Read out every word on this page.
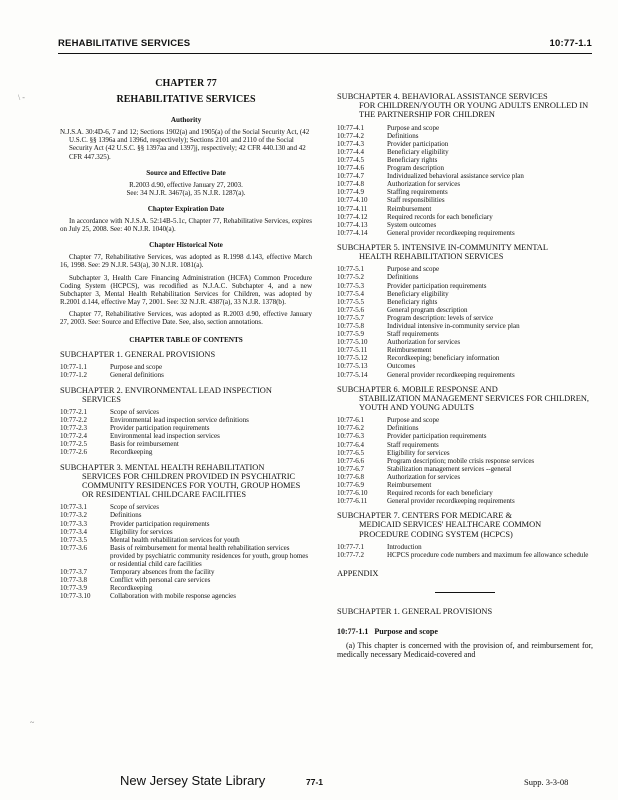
REHABILITATIVE SERVICES	10:77-1.1
\ -
~

CHAPTER 77

REHABILITATIVE SERVICES

Authority

N.J.S.A. 30:4D-6, 7 and 12; Sections 1902(a) and 1905(a) of the Social Security Act, (42 U.S.C. §§ 1396a and 1396d, respectively); Sections 2101 and 2110 of the Social Security Act (42 U.S.C. §§ 1397aa and 1397jj, respectively; 42 CFR 440.130 and 42 CFR 447.325).

Source and Effective Date

R.2003 d.90, effective January 27, 2003.

See: 34 N.J.R. 3467(a), 35 N.J.R. 1287(a).

Chapter Expiration Date

In accordance with N.J.S.A. 52:14B-5.1c, Chapter 77, Rehabilitative Services, expires on July 25, 2008. See: 40 N.J.R. 1040(a).

Chapter Historical Note

Chapter 77, Rehabilitative Services, was adopted as R.1998 d.143, effective March 16, 1998. See: 29 N.J.R. 543(a), 30 N.J.R. 1081(a).

Subchapter 3, Health Care Financing Administration (HCFA) Common Procedure Coding System (HCPCS), was recodified as N.J.A.C. Subchapter 4, and a new Subchapter 3, Mental Health Rehabilitation Services for Children, was adopted by R.2001 d.144, effective May 7, 2001. See: 32 N.J.R. 4387(a), 33 N.J.R. 1378(b).

Chapter 77, Rehabilitative Services, was adopted as R.2003 d.90, effective January 27, 2003. See: Source and Effective Date. See, also, section annotations.

CHAPTER TABLE OF CONTENTS

SUBCHAPTER 1. GENERAL PROVISIONS

10:77-1.1	Purpose and scope
10:77-1.2	General definitions

SUBCHAPTER 2. ENVIRONMENTAL LEAD INSPECTION
SERVICES

10:77-2.1	Scope of services
10:77-2.2	Environmental lead inspection service definitions
10:77-2.3	Provider participation requirements
10:77-2.4	Environmental lead inspection services
10:77-2.5	Basis for reimbursement
10:77-2.6	Recordkeeping

SUBCHAPTER 3. MENTAL HEALTH REHABILITATION
SERVICES FOR CHILDREN PROVIDED IN PSYCHIATRIC COMMUNITY RESIDENCES FOR YOUTH, GROUP HOMES OR RESIDENTIAL CHILDCARE FACILITIES

10:77-3.1	Scope of services
10:77-3.2	Definitions
10:77-3.3	Provider participation requirements
10:77-3.4	Eligibility for services
10:77-3.5	Mental health rehabilitation services for youth
10:77-3.6	Basis of reimbursement for mental health rehabilitation services provided by psychiatric community residences for youth, group homes or residential child care facilities
10:77-3.7	Temporary absences from the facility
10:77-3.8	Conflict with personal care services
10:77-3.9	Recordkeeping
10:77-3.10	Collaboration with mobile response agencies

SUBCHAPTER 4. BEHAVIORAL ASSISTANCE SERVICES
FOR CHILDREN/YOUTH OR YOUNG ADULTS ENROLLED IN THE PARTNERSHIP FOR CHILDREN

10:77-4.1	Purpose and scope
10:77-4.2	Definitions
10:77-4.3	Provider participation
10:77-4.4	Beneficiary eligibility
10:77-4.5	Beneficiary rights
10:77-4.6	Program description
10:77-4.7	Individualized behavioral assistance service plan
10:77-4.8	Authorization for services
10:77-4.9	Staffing requirements
10:77-4.10	Staff responsibilities
10:77-4.11	Reimbursement
10:77-4.12	Required records for each beneficiary
10:77-4.13	System outcomes
10:77-4.14	General provider recordkeeping requirements

SUBCHAPTER 5. INTENSIVE IN-COMMUNITY MENTAL
HEALTH REHABILITATION SERVICES

10:77-5.1	Purpose and scope
10:77-5.2	Definitions
10:77-5.3	Provider participation requirements
10:77-5.4	Beneficiary eligibility
10:77-5.5	Beneficiary rights
10:77-5.6	General program description
10:77-5.7	Program description: levels of service
10:77-5.8	Individual intensive in-community service plan
10:77-5.9	Staff requirements
10:77-5.10	Authorization for services
10:77-5.11	Reimbursement
10:77-5.12	Recordkeeping; beneficiary information
10:77-5.13	Outcomes
10:77-5.14	General provider recordkeeping requirements

SUBCHAPTER 6. MOBILE RESPONSE AND
STABILIZATION MANAGEMENT SERVICES FOR CHILDREN, YOUTH AND YOUNG ADULTS

10:77-6.1	Purpose and scope
10:77-6.2	Definitions
10:77-6.3	Provider participation requirements
10:77-6.4	Staff requirements
10:77-6.5	Eligibility for services
10:77-6.6	Program description; mobile crisis response services
10:77-6.7	Stabilization management services --general
10:77-6.8	Authorization for services
10:77-6.9	Reimbursement
10:77-6.10	Required records for each beneficiary
10:77-6.11	General provider recordkeeping requirements

SUBCHAPTER 7. CENTERS FOR MEDICARE &
MEDICAID SERVICES' HEALTHCARE COMMON PROCEDURE CODING SYSTEM (HCPCS)

10:77-7.1	Introduction
10:77-7.2	HCPCS procedure code numbers and maximum fee allowance schedule

APPENDIX

SUBCHAPTER 1. GENERAL PROVISIONS

10:77-1.1 Purpose and scope

(a) This chapter is concerned with the provision of, and reimbursement for, medically necessary Medicaid-covered and

New Jersey State Library	77-1	Supp. 3-3-08
